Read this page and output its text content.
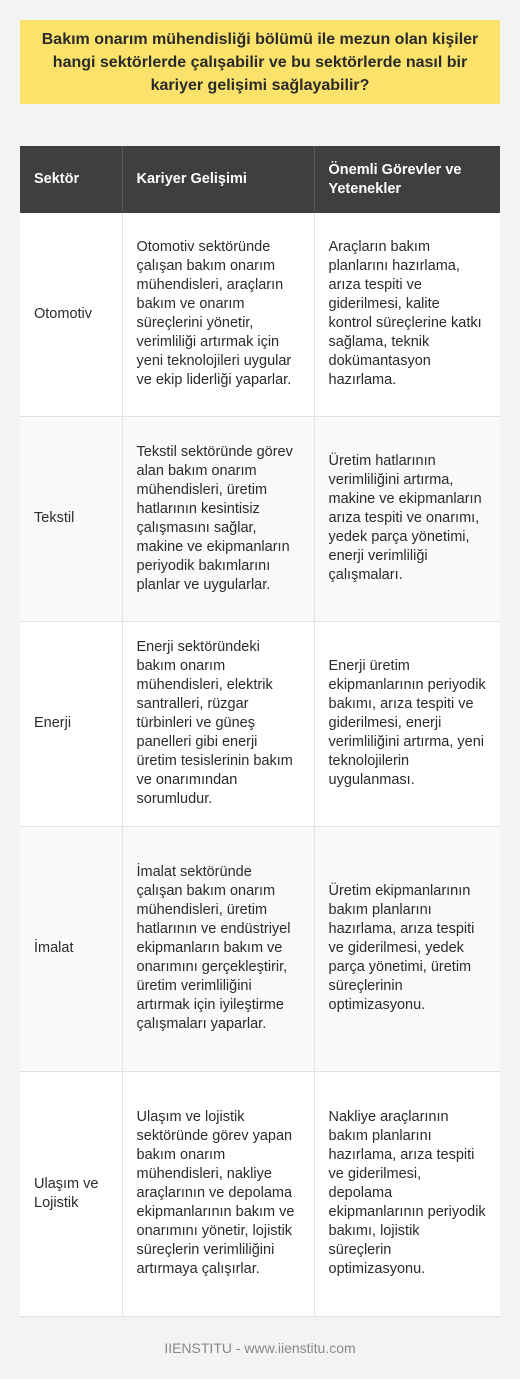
Bakım onarım mühendisliği bölümü ile mezun olan kişiler hangi sektörlerde çalışabilir ve bu sektörlerde nasıl bir kariyer gelişimi sağlayabilir?
Sektör	Kariyer Gelişimi	Önemli Görevler ve Yetenekler
Otomotiv	Otomotiv sektöründe çalışan bakım onarım mühendisleri, araçların bakım ve onarım süreçlerini yönetir, verimliliği artırmak için yeni teknolojileri uygular ve ekip liderliği yaparlar.	Araçların bakım planlarını hazırlama, arıza tespiti ve giderilmesi, kalite kontrol süreçlerine katkı sağlama, teknik dokümantasyon hazırlama.
Tekstil	Tekstil sektöründe görev alan bakım onarım mühendisleri, üretim hatlarının kesintisiz çalışmasını sağlar, makine ve ekipmanların periyodik bakımlarını planlar ve uygularlar.	Üretim hatlarının verimliliğini artırma, makine ve ekipmanların arıza tespiti ve onarımı, yedek parça yönetimi, enerji verimliliği çalışmaları.
Enerji	Enerji sektöründeki bakım onarım mühendisleri, elektrik santralleri, rüzgar türbinleri ve güneş panelleri gibi enerji üretim tesislerinin bakım ve onarımından sorumludur.	Enerji üretim ekipmanlarının periyodik bakımı, arıza tespiti ve giderilmesi, enerji verimliliğini artırma, yeni teknolojilerin uygulanması.
İmalat	İmalat sektöründe çalışan bakım onarım mühendisleri, üretim hatlarının ve endüstriyel ekipmanların bakım ve onarımını gerçekleştirir, üretim verimliliğini artırmak için iyileştirme çalışmaları yaparlar.	Üretim ekipmanlarının bakım planlarını hazırlama, arıza tespiti ve giderilmesi, yedek parça yönetimi, üretim süreçlerinin optimizasyonu.
Ulaşım ve Lojistik	Ulaşım ve lojistik sektöründe görev yapan bakım onarım mühendisleri, nakliye araçlarının ve depolama ekipmanlarının bakım ve onarımını yönetir, lojistik süreçlerin verimliliğini artırmaya çalışırlar.	Nakliye araçlarının bakım planlarını hazırlama, arıza tespiti ve giderilmesi, depolama ekipmanlarının periyodik bakımı, lojistik süreçlerin optimizasyonu.
IIENSTITU - www.iienstitu.com
